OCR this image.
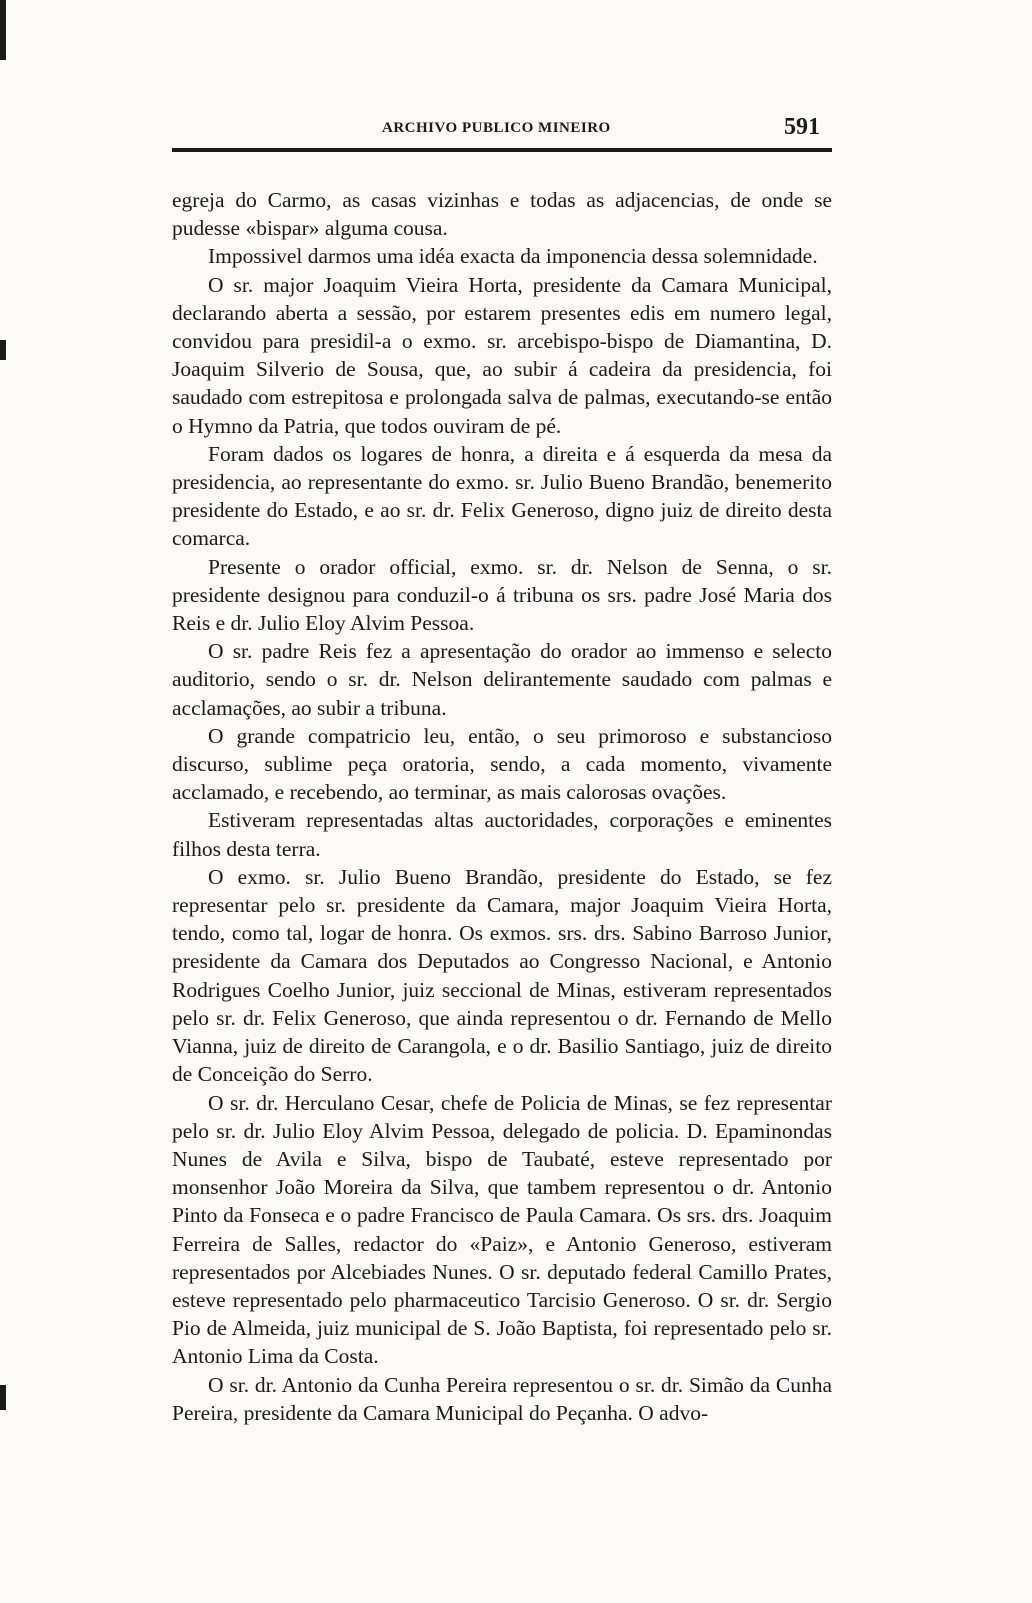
ARCHIVO PUBLICO MINEIRO	591

egreja do Carmo, as casas vizinhas e todas as adjacencias, de onde se pudesse «bispar» alguma cousa.

Impossivel darmos uma idéa exacta da imponencia dessa solemnidade.

O sr. major Joaquim Vieira Horta, presidente da Camara Municipal, declarando aberta a sessão, por estarem presentes edis em numero legal, convidou para presidil-a o exmo. sr. arcebispo-bispo de Diamantina, D. Joaquim Silverio de Sousa, que, ao subir á cadeira da presidencia, foi saudado com estrepitosa e prolongada salva de palmas, executando-se então o Hymno da Patria, que todos ouviram de pé.

Foram dados os logares de honra, a direita e á esquerda da mesa da presidencia, ao representante do exmo. sr. Julio Bueno Brandão, benemerito presidente do Estado, e ao sr. dr. Felix Generoso, digno juiz de direito desta comarca.

Presente o orador official, exmo. sr. dr. Nelson de Senna, o sr. presidente designou para conduzil-o á tribuna os srs. padre José Maria dos Reis e dr. Julio Eloy Alvim Pessoa.

O sr. padre Reis fez a apresentação do orador ao immenso e selecto auditorio, sendo o sr. dr. Nelson delirantemente saudado com palmas e acclamações, ao subir a tribuna.

O grande compatricio leu, então, o seu primoroso e substancioso discurso, sublime peça oratoria, sendo, a cada momento, vivamente acclamado, e recebendo, ao terminar, as mais calorosas ovações.

Estiveram representadas altas auctoridades, corporações e eminentes filhos desta terra.

O exmo. sr. Julio Bueno Brandão, presidente do Estado, se fez representar pelo sr. presidente da Camara, major Joaquim Vieira Horta, tendo, como tal, logar de honra. Os exmos. srs. drs. Sabino Barroso Junior, presidente da Camara dos Deputados ao Congresso Nacional, e Antonio Rodrigues Coelho Junior, juiz seccional de Minas, estiveram representados pelo sr. dr. Felix Generoso, que ainda representou o dr. Fernando de Mello Vianna, juiz de direito de Carangola, e o dr. Basilio Santiago, juiz de direito de Conceição do Serro.

O sr. dr. Herculano Cesar, chefe de Policia de Minas, se fez representar pelo sr. dr. Julio Eloy Alvim Pessoa, delegado de policia. D. Epaminondas Nunes de Avila e Silva, bispo de Taubaté, esteve representado por monsenhor João Moreira da Silva, que tambem representou o dr. Antonio Pinto da Fonseca e o padre Francisco de Paula Camara. Os srs. drs. Joaquim Ferreira de Salles, redactor do «Paiz», e Antonio Generoso, estiveram representados por Alcebiades Nunes. O sr. deputado federal Camillo Prates, esteve representado pelo pharmaceutico Tarcisio Generoso. O sr. dr. Sergio Pio de Almeida, juiz municipal de S. João Baptista, foi representado pelo sr. Antonio Lima da Costa.

O sr. dr. Antonio da Cunha Pereira representou o sr. dr. Simão da Cunha Pereira, presidente da Camara Municipal do Peçanha. O advo-
